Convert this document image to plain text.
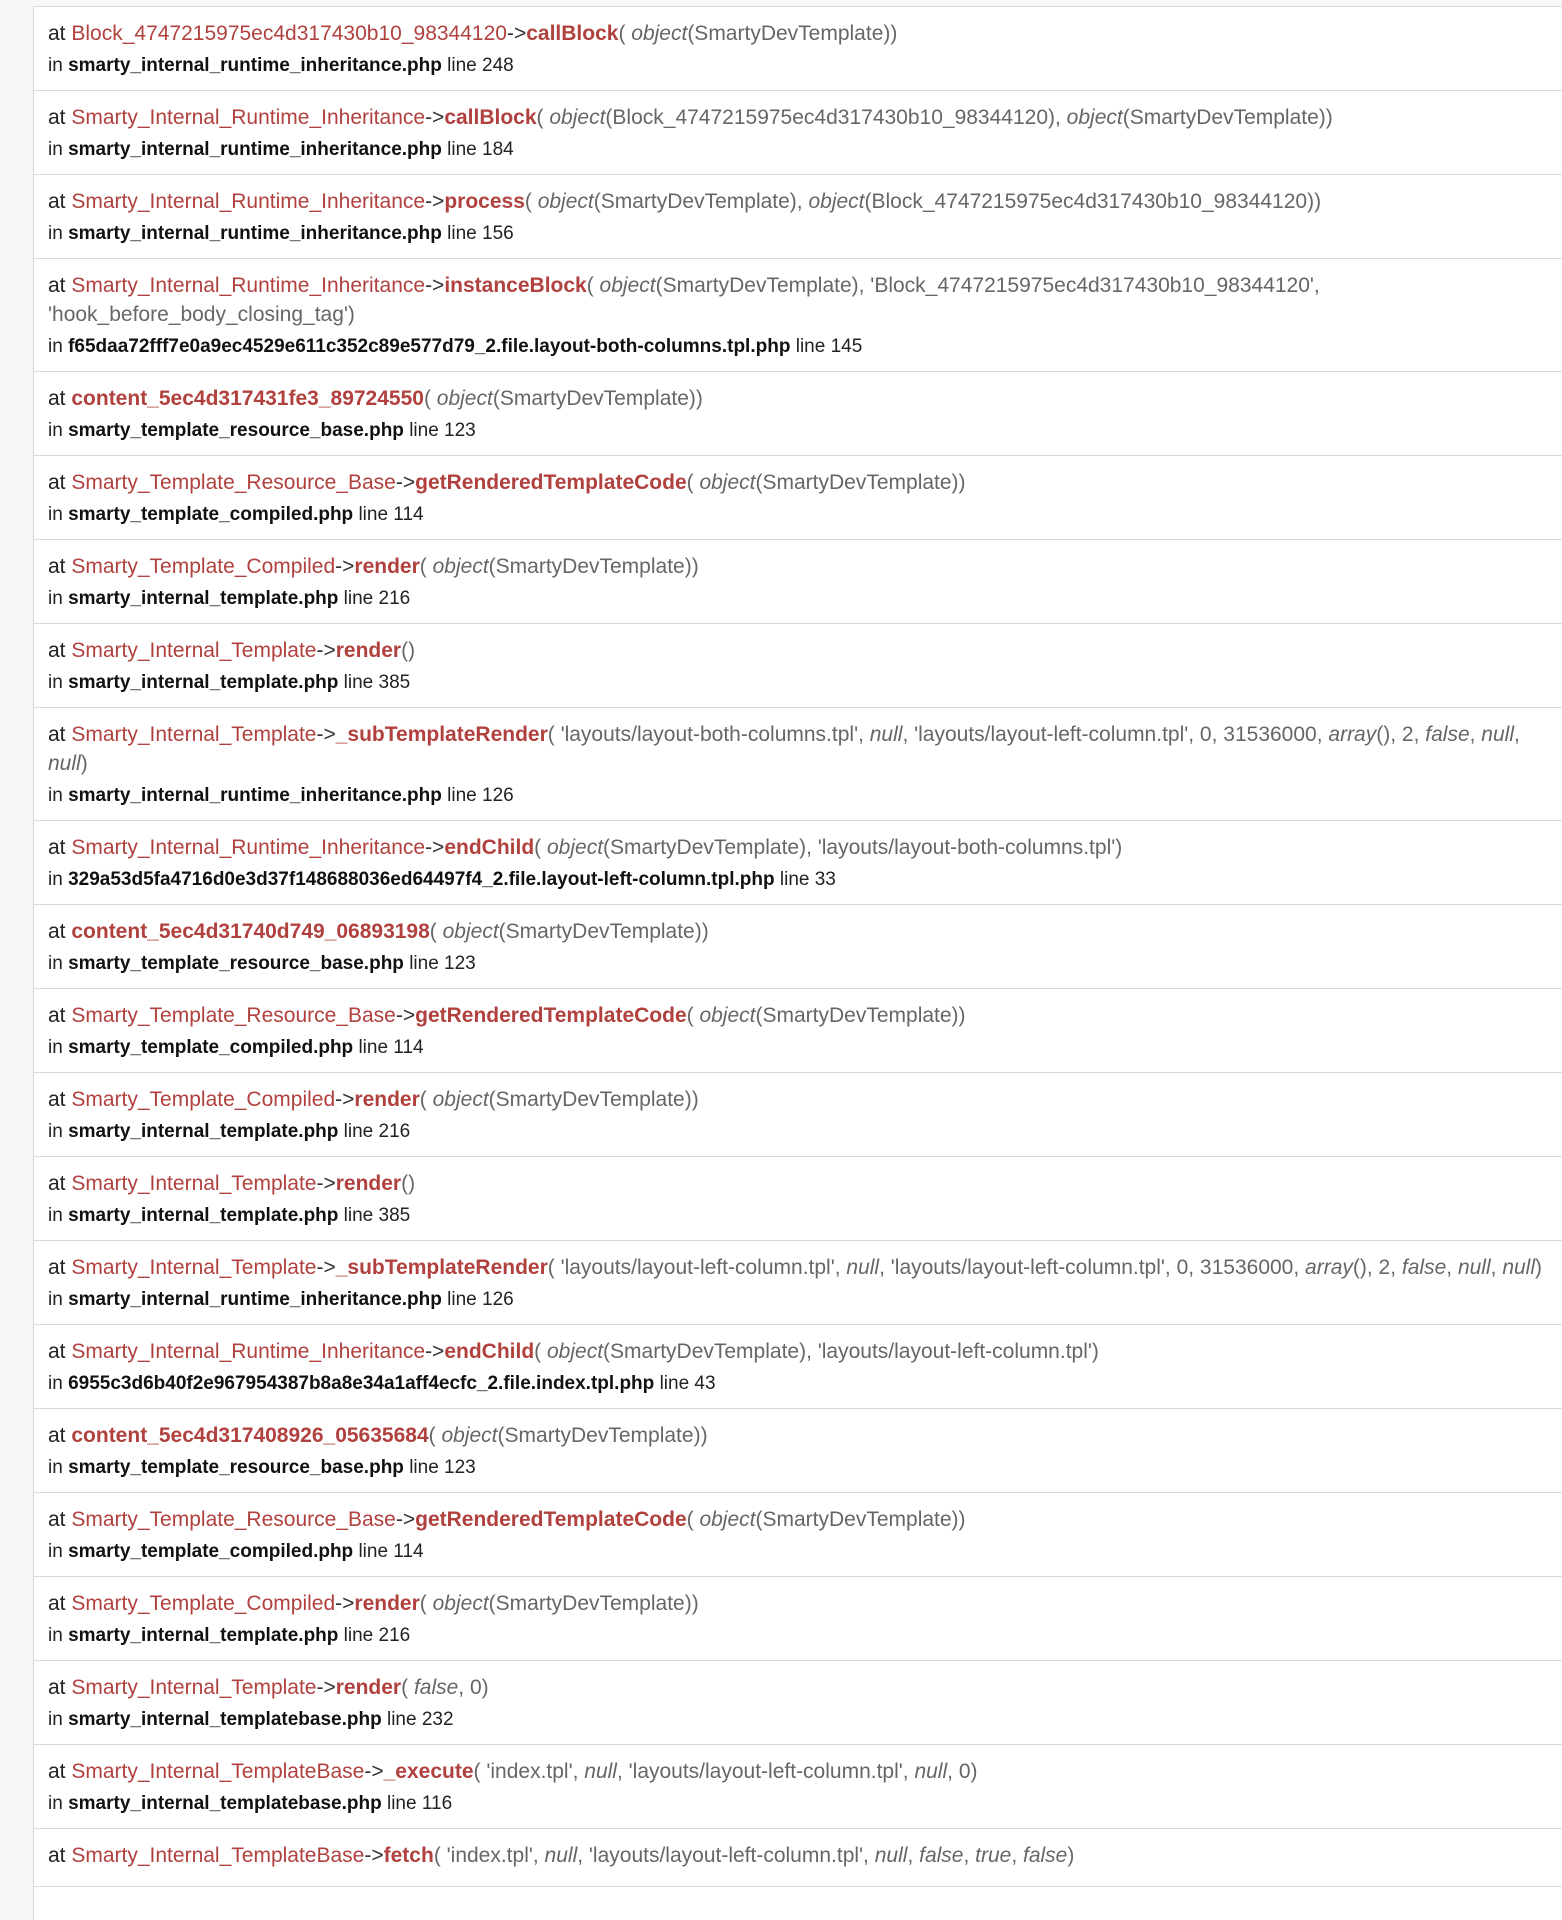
at Block_4747215975ec4d317430b10_98344120->callBlock( object(SmartyDevTemplate))
in smarty_internal_runtime_inheritance.php line 248
at Smarty_Internal_Runtime_Inheritance->callBlock( object(Block_4747215975ec4d317430b10_98344120), object(SmartyDevTemplate))
in smarty_internal_runtime_inheritance.php line 184
at Smarty_Internal_Runtime_Inheritance->process( object(SmartyDevTemplate), object(Block_4747215975ec4d317430b10_98344120))
in smarty_internal_runtime_inheritance.php line 156
at Smarty_Internal_Runtime_Inheritance->instanceBlock( object(SmartyDevTemplate), 'Block_4747215975ec4d317430b10_98344120', 'hook_before_body_closing_tag')
in f65daa72fff7e0a9ec4529e611c352c89e577d79_2.file.layout-both-columns.tpl.php line 145
at content_5ec4d317431fe3_89724550( object(SmartyDevTemplate))
in smarty_template_resource_base.php line 123
at Smarty_Template_Resource_Base->getRenderedTemplateCode( object(SmartyDevTemplate))
in smarty_template_compiled.php line 114
at Smarty_Template_Compiled->render( object(SmartyDevTemplate))
in smarty_internal_template.php line 216
at Smarty_Internal_Template->render()
in smarty_internal_template.php line 385
at Smarty_Internal_Template->_subTemplateRender( 'layouts/layout-both-columns.tpl', null, 'layouts/layout-left-column.tpl', 0, 31536000, array(), 2, false, null, null)
in smarty_internal_runtime_inheritance.php line 126
at Smarty_Internal_Runtime_Inheritance->endChild( object(SmartyDevTemplate), 'layouts/layout-both-columns.tpl')
in 329a53d5fa4716d0e3d37f148688036ed64497f4_2.file.layout-left-column.tpl.php line 33
at content_5ec4d31740d749_06893198( object(SmartyDevTemplate))
in smarty_template_resource_base.php line 123
at Smarty_Template_Resource_Base->getRenderedTemplateCode( object(SmartyDevTemplate))
in smarty_template_compiled.php line 114
at Smarty_Template_Compiled->render( object(SmartyDevTemplate))
in smarty_internal_template.php line 216
at Smarty_Internal_Template->render()
in smarty_internal_template.php line 385
at Smarty_Internal_Template->_subTemplateRender( 'layouts/layout-left-column.tpl', null, 'layouts/layout-left-column.tpl', 0, 31536000, array(), 2, false, null, null)
in smarty_internal_runtime_inheritance.php line 126
at Smarty_Internal_Runtime_Inheritance->endChild( object(SmartyDevTemplate), 'layouts/layout-left-column.tpl')
in 6955c3d6b40f2e967954387b8a8e34a1aff4ecfc_2.file.index.tpl.php line 43
at content_5ec4d317408926_05635684( object(SmartyDevTemplate))
in smarty_template_resource_base.php line 123
at Smarty_Template_Resource_Base->getRenderedTemplateCode( object(SmartyDevTemplate))
in smarty_template_compiled.php line 114
at Smarty_Template_Compiled->render( object(SmartyDevTemplate))
in smarty_internal_template.php line 216
at Smarty_Internal_Template->render( false, 0)
in smarty_internal_templatebase.php line 232
at Smarty_Internal_TemplateBase->_execute( 'index.tpl', null, 'layouts/layout-left-column.tpl', null, 0)
in smarty_internal_templatebase.php line 116
at Smarty_Internal_TemplateBase->fetch( 'index.tpl', null, 'layouts/layout-left-column.tpl', null, false, true, false)
